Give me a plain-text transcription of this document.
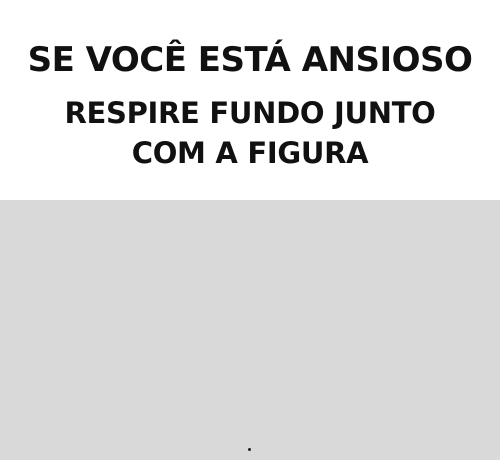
SE VOCÊ ESTÁ ANSIOSO

RESPIRE FUNDO JUNTO

COM A FIGURA
